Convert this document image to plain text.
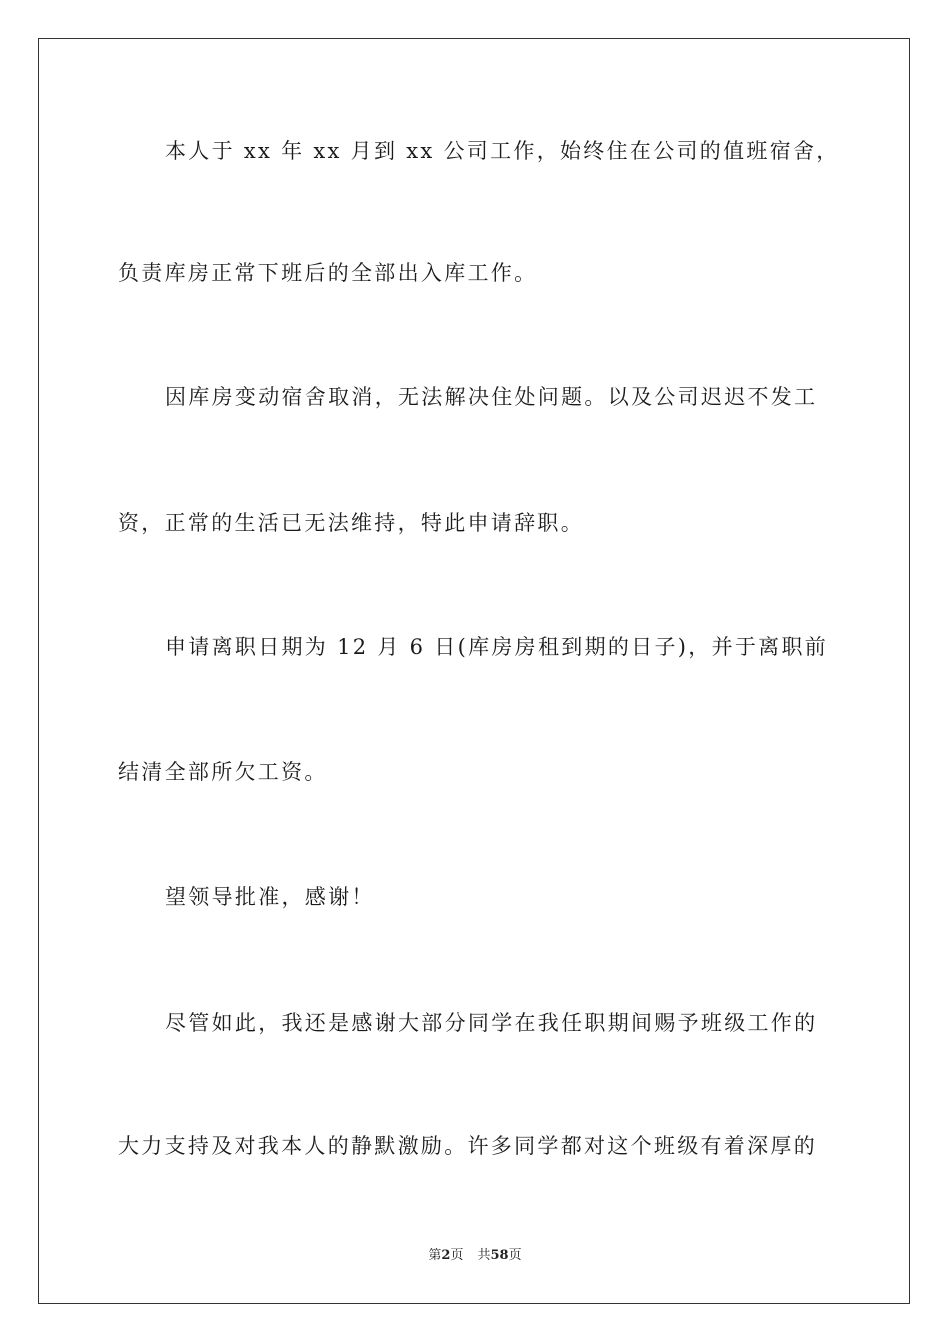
本人于 xx 年 xx 月到 xx 公司工作，始终住在公司的值班宿舍，
负责库房正常下班后的全部出入库工作。
因库房变动宿舍取消，无法解决住处问题。以及公司迟迟不发工
资，正常的生活已无法维持，特此申请辞职。
申请离职日期为 12 月 6 日(库房房租到期的日子)，并于离职前
结清全部所欠工资。
望领导批准，感谢！
尽管如此，我还是感谢大部分同学在我任职期间赐予班级工作的
大力支持及对我本人的静默激励。许多同学都对这个班级有着深厚的
第2页 共58页
